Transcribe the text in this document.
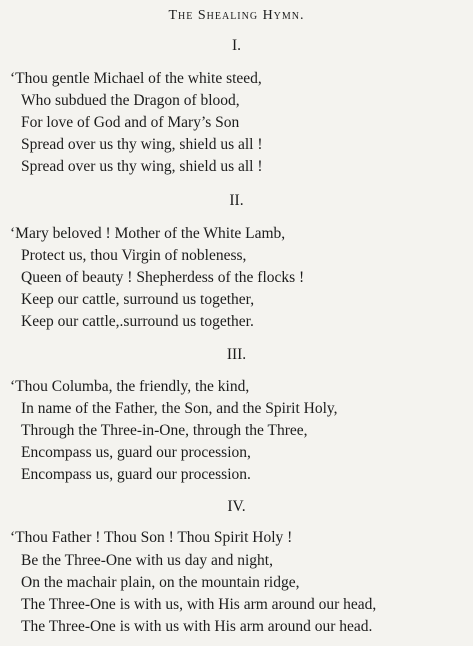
The Shealing Hymn.
I.
‘Thou gentle Michael of the white steed,
Who subdued the Dragon of blood,
For love of God and of Mary’s Son
Spread over us thy wing, shield us all !
Spread over us thy wing, shield us all !
II.
‘Mary beloved ! Mother of the White Lamb,
Protect us, thou Virgin of nobleness,
Queen of beauty ! Shepherdess of the flocks !
Keep our cattle, surround us together,
Keep our cattle,.surround us together.
III.
‘Thou Columba, the friendly, the kind,
In name of the Father, the Son, and the Spirit Holy,
Through the Three-in-One, through the Three,
Encompass us, guard our procession,
Encompass us, guard our procession.
IV.
‘Thou Father ! Thou Son ! Thou Spirit Holy !
Be the Three-One with us day and night,
On the machair plain, on the mountain ridge,
The Three-One is with us, with His arm around our head,
The Three-One is with us with His arm around our head.
